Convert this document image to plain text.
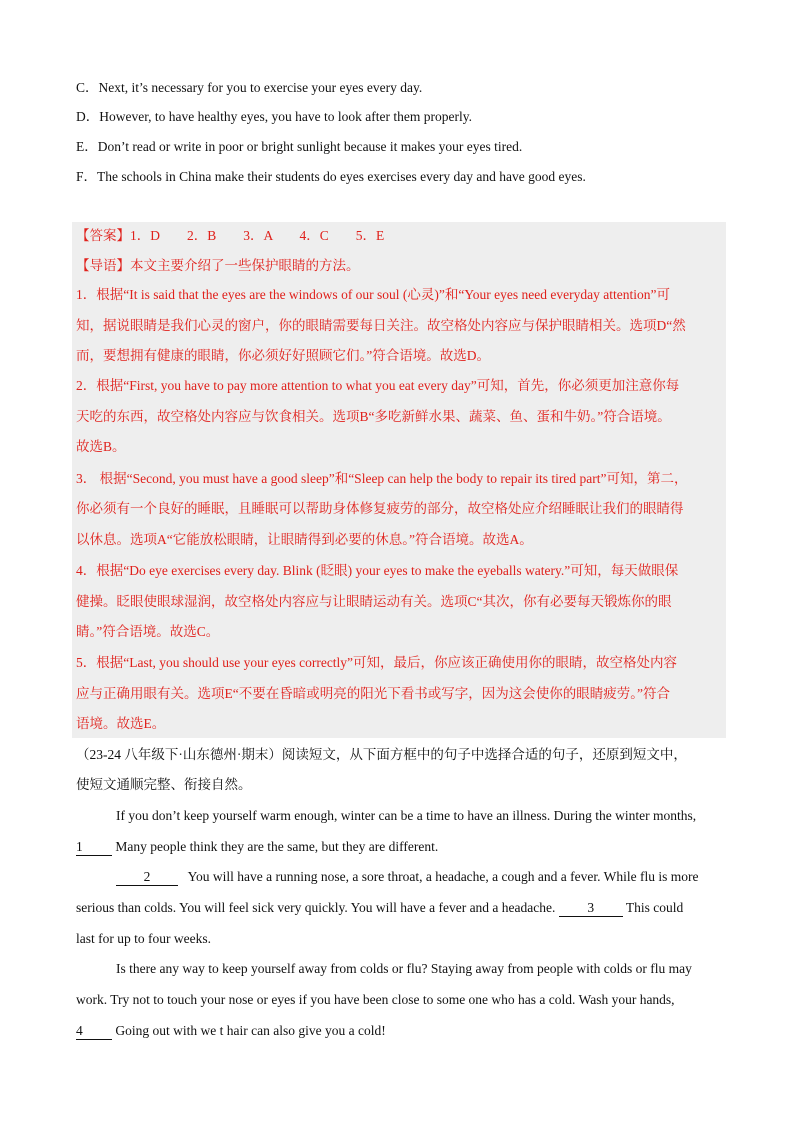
C．Next, it’s necessary for you to exercise your eyes every day.
D．However, to have healthy eyes, you have to look after them properly.
E．Don’t read or write in poor or bright sunlight because it makes your eyes tired.
F．The schools in China make their students do eyes exercises every day and have good eyes.
【答案】1．D　　2．B　　3．A　　4．C　　5．E
【导语】本文主要介绍了一些保护眼睛的方法。
1．根据“It is said that the eyes are the windows of our soul (心灵)”和“Your eyes need everyday attention”可
知，据说眼睛是我们心灵的窗户，你的眼睛需要每日关注。故空格处内容应与保护眼睛相关。选项D“然
而，要想拥有健康的眼睛，你必须好好照顾它们。”符合语境。故选D。
2．根据“First, you have to pay more attention to what you eat every day”可知，首先，你必须更加注意你每
天吃的东西，故空格处内容应与饮食相关。选项B“多吃新鲜水果、蔬菜、鱼、蛋和牛奶。”符合语境。
故选B。
3． 根据“Second, you must have a good sleep”和“Sleep can help the body to repair its tired part”可知，第二，
你必须有一个良好的睡眠，且睡眠可以帮助身体修复疲劳的部分，故空格处应介绍睡眠让我们的眼睛得
以休息。选项A“它能放松眼睛，让眼睛得到必要的休息。”符合语境。故选A。
4．根据“Do eye exercises every day. Blink (眨眼) your eyes to make the eyeballs watery.”可知，每天做眼保
健操。眨眼使眼球湿润，故空格处内容应与让眼睛运动有关。选项C“其次，你有必要每天锻炼你的眼
睛。”符合语境。故选C。
5．根据“Last, you should use your eyes correctly”可知，最后，你应该正确使用你的眼睛，故空格处内容
应与正确用眼有关。选项E“不要在昏暗或明亮的阳光下看书或写字，因为这会使你的眼睛疲劳。”符合
语境。故选E。
（23-24 八年级下·山东德州·期末）阅读短文，从下面方框中的句子中选择合适的句子，还原到短文中，
使短文通顺完整、衔接自然。
If you don’t keep yourself warm enough, winter can be a time to have an illness. During the winter months,
1 Many people think they are the same, but they are different.
2	You will have a running nose, a sore throat, a headache, a cough and a fever. While flu is more
serious than colds. You will feel sick very quickly. You will have a fever and a headache. 3 This could
last for up to four weeks.
Is there any way to keep yourself away from colds or flu? Staying away from people with colds or flu may
work. Try not to touch your nose or eyes if you have been close to some one who has a cold. Wash your hands,
4 Going out with we t hair can also give you a cold!
